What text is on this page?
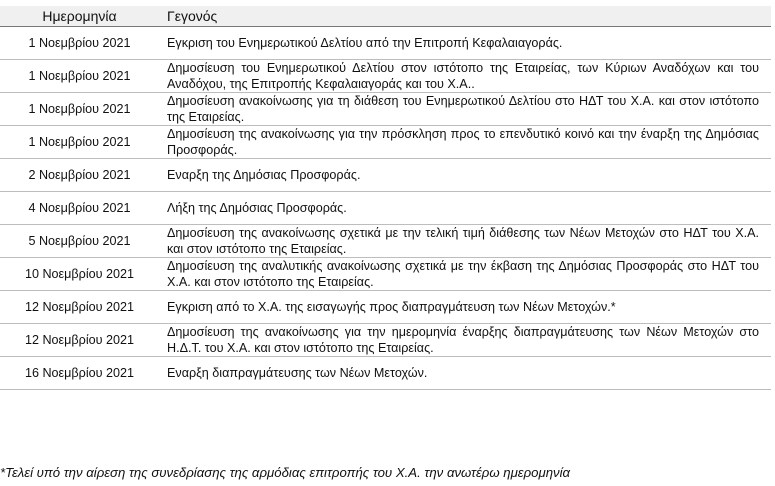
Ημερομηνία	Γεγονός
1 Νοεμβρίου 2021	Εγκριση του Ενημερωτικού Δελτίου από την Επιτροπή Κεφαλαιαγοράς.
1 Νοεμβρίου 2021	Δημοσίευση του Ενημερωτικού Δελτίου στον ιστότοπο της Εταιρείας, των Κύριων Αναδόχων και του Αναδόχου, της Επιτροπής Κεφαλαιαγοράς και του Χ.Α..
1 Νοεμβρίου 2021	Δημοσίευση ανακοίνωσης για τη διάθεση του Ενημερωτικού Δελτίου στο ΗΔΤ του Χ.Α. και στον ιστότοπο της Εταιρείας.
1 Νοεμβρίου 2021	Δημοσίευση της ανακοίνωσης για την πρόσκληση προς το επενδυτικό κοινό και την έναρξη της Δημόσιας Προσφοράς.
2 Νοεμβρίου 2021	Εναρξη της Δημόσιας Προσφοράς.
4 Νοεμβρίου 2021	Λήξη της Δημόσιας Προσφοράς.
5 Νοεμβρίου 2021	Δημοσίευση της ανακοίνωσης σχετικά με την τελική τιμή διάθεσης των Νέων Μετοχών στο ΗΔΤ του Χ.Α. και στον ιστότοπο της Εταιρείας.
10 Νοεμβρίου 2021	Δημοσίευση της αναλυτικής ανακοίνωσης σχετικά με την έκβαση της Δημόσιας Προσφοράς στο ΗΔΤ του Χ.Α. και στον ιστότοπο της Εταιρείας.
12 Νοεμβρίου 2021	Εγκριση από το Χ.Α. της εισαγωγής προς διαπραγμάτευση των Νέων Μετοχών.*
12 Νοεμβρίου 2021	Δημοσίευση της ανακοίνωσης για την ημερομηνία έναρξης διαπραγμάτευσης των Νέων Μετοχών στο Η.Δ.Τ. του Χ.Α. και στον ιστότοπο της Εταιρείας.
16 Νοεμβρίου 2021	Εναρξη διαπραγμάτευσης των Νέων Μετοχών.
*Τελεί υπό την αίρεση της συνεδρίασης της αρμόδιας επιτροπής του Χ.Α. την ανωτέρω ημερομηνία
